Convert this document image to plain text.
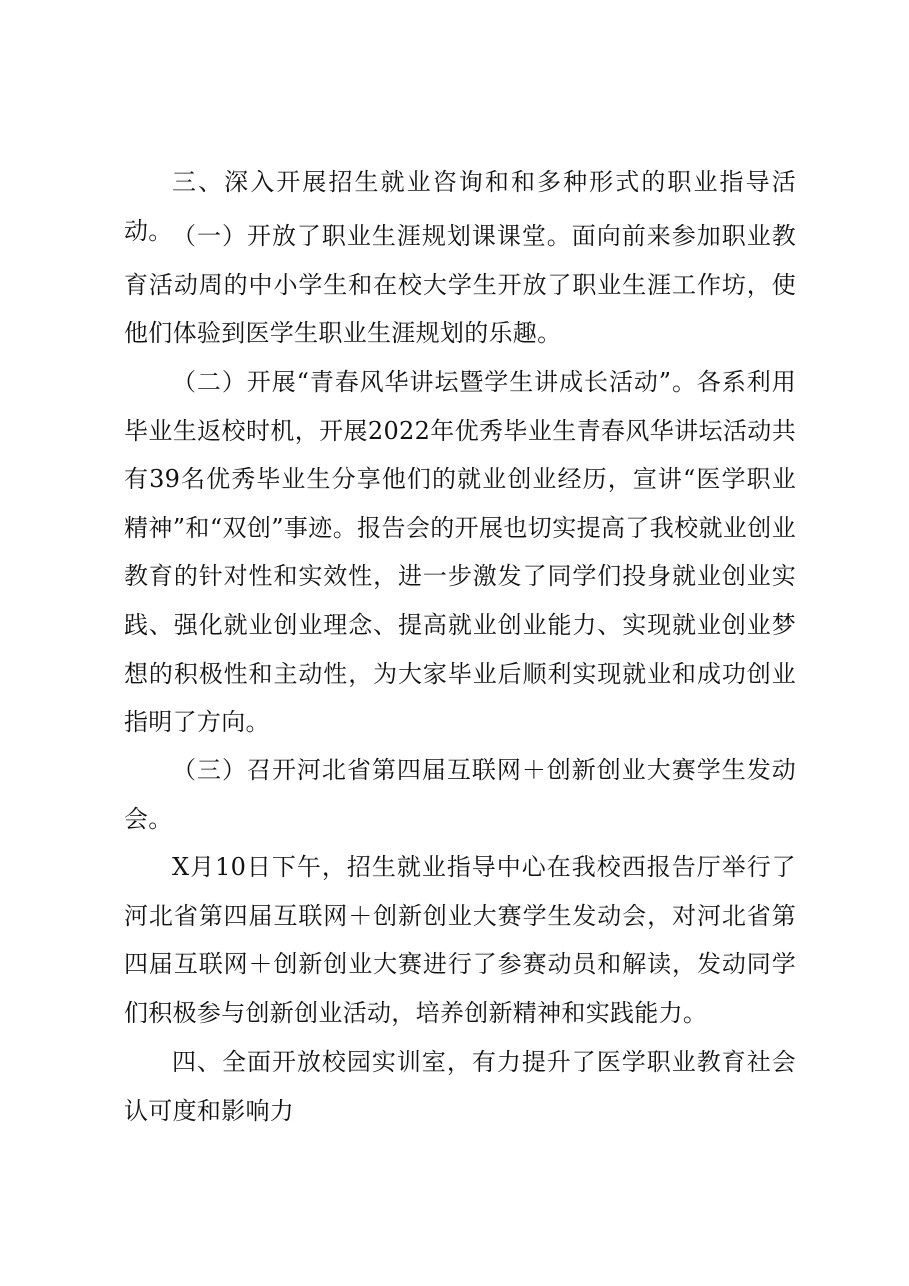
三、深入开展招生就业咨询和和多种形式的职业指导活动。 （一）开放了职业生涯规划课课堂。面向前来参加职业教育活动周的中小学生和在校大学生开放了职业生涯工作坊，使他们体验到医学生职业生涯规划的乐趣。

（二）开展“青春风华讲坛暨学生讲成长活动”。各系利用毕业生返校时机，开展2022年优秀毕业生青春风华讲坛活动共有39名优秀毕业生分享他们的就业创业经历，宣讲“医学职业精神”和“双创”事迹。报告会的开展也切实提高了我校就业创业教育的针对性和实效性，进一步激发了同学们投身就业创业实践、强化就业创业理念、提高就业创业能力、实现就业创业梦想的积极性和主动性，为大家毕业后顺利实现就业和成功创业指明了方向。

（三）召开河北省第四届互联网＋创新创业大赛学生发动会。

X月10日下午，招生就业指导中心在我校西报告厅举行了河北省第四届互联网＋创新创业大赛学生发动会，对河北省第四届互联网＋创新创业大赛进行了参赛动员和解读，发动同学们积极参与创新创业活动，培养创新精神和实践能力。

四、全面开放校园实训室，有力提升了医学职业教育社会认可度和影响力
